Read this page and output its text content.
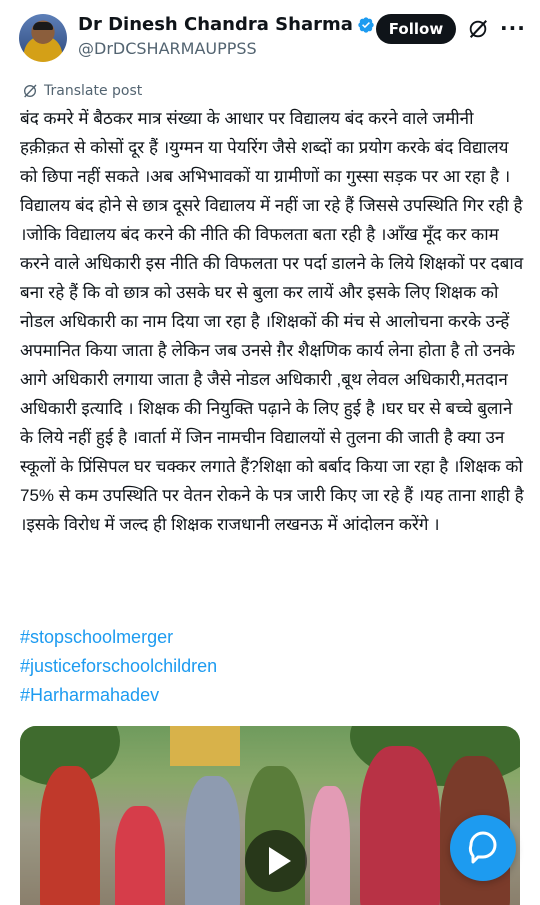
Dr Dinesh Chandra Sharma
@DrDCSHARMAUPPSS
Follow	···
Translate post
बंद कमरे में बैठकर मात्र संख्या के आधार पर विद्यालय बंद करने वाले जमीनी हक़ीक़त से कोसों दूर हैं ।युग्मन या पेयरिंग जैसे शब्दों का प्रयोग करके बंद विद्यालय को छिपा नहीं सकते ।अब अभिभावकों या ग्रामीणों का गुस्सा सड़क पर आ रहा है ।विद्यालय बंद होने से छात्र दूसरे विद्यालय में नहीं जा रहे हैं जिससे उपस्थिति गिर रही है ।जोकि विद्यालय बंद करने की नीति की विफलता बता रही है ।आँख मूँद कर काम करने वाले अधिकारी इस नीति की विफलता पर पर्दा डालने के लिये शिक्षकों पर दबाव बना रहे हैं कि वो छात्र को उसके घर से बुला कर लायें और इसके लिए शिक्षक को नोडल अधिकारी का नाम दिया जा रहा है ।शिक्षकों की मंच से आलोचना करके उन्हें अपमानित किया जाता है लेकिन जब उनसे ग़ैर शैक्षणिक कार्य लेना होता है तो उनके आगे अधिकारी लगाया जाता है जैसे नोडल अधिकारी ,बूथ लेवल अधिकारी,मतदान अधिकारी इत्यादि । शिक्षक की नियुक्ति पढ़ाने के लिए हुई है ।घर घर से बच्चे बुलाने के लिये नहीं हुई है ।वार्ता में जिन नामचीन विद्यालयों से तुलना की जाती है क्या उन स्कूलों के प्रिंसिपल घर चक्कर लगाते हैं?शिक्षा को बर्बाद किया जा रहा है ।शिक्षक को 75% से कम उपस्थिति पर वेतन रोकने के पत्र जारी किए जा रहे हैं ।यह ताना शाही है ।इसके विरोध में जल्द ही शिक्षक राजधानी लखनऊ में आंदोलन करेंगे ।
#stopschoolmerger
#justiceforschoolchildren
#Harharmahadev
